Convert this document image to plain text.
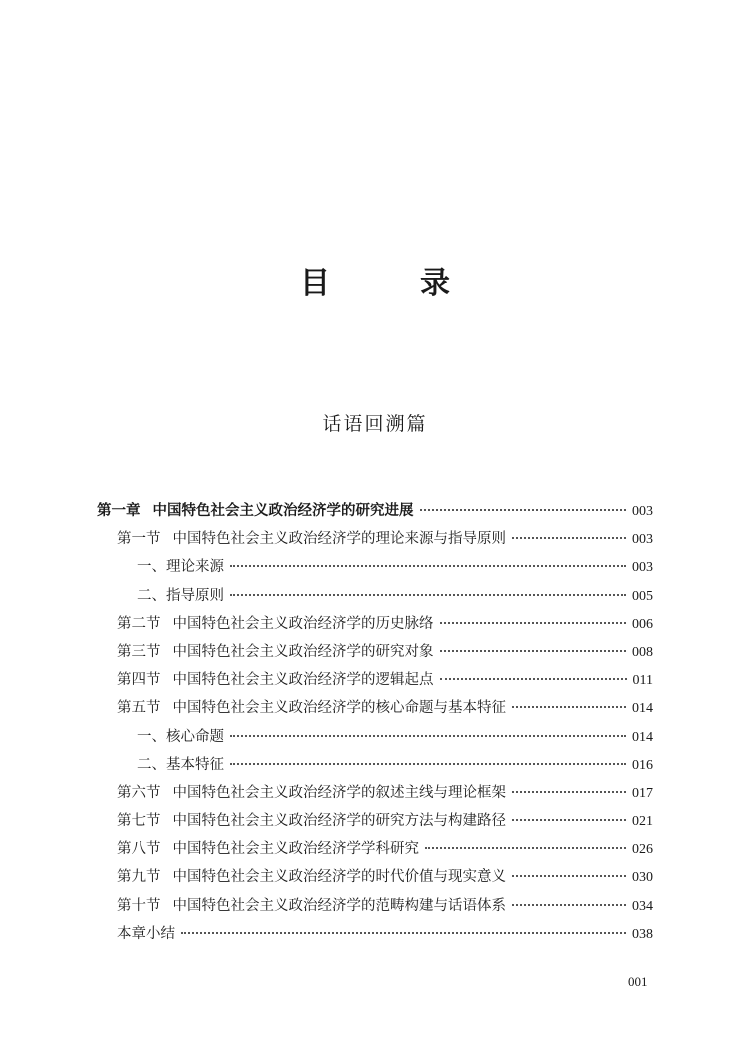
目　录
话语回溯篇
第一章 中国特色社会主义政治经济学的研究进展	003
第一节 中国特色社会主义政治经济学的理论来源与指导原则	003
一、理论来源	003
二、指导原则	005
第二节 中国特色社会主义政治经济学的历史脉络	006
第三节 中国特色社会主义政治经济学的研究对象	008
第四节 中国特色社会主义政治经济学的逻辑起点	011
第五节 中国特色社会主义政治经济学的核心命题与基本特征	014
一、核心命题	014
二、基本特征	016
第六节 中国特色社会主义政治经济学的叙述主线与理论框架	017
第七节 中国特色社会主义政治经济学的研究方法与构建路径	021
第八节 中国特色社会主义政治经济学学科研究	026
第九节 中国特色社会主义政治经济学的时代价值与现实意义	030
第十节 中国特色社会主义政治经济学的范畴构建与话语体系	034
本章小结	038
001
